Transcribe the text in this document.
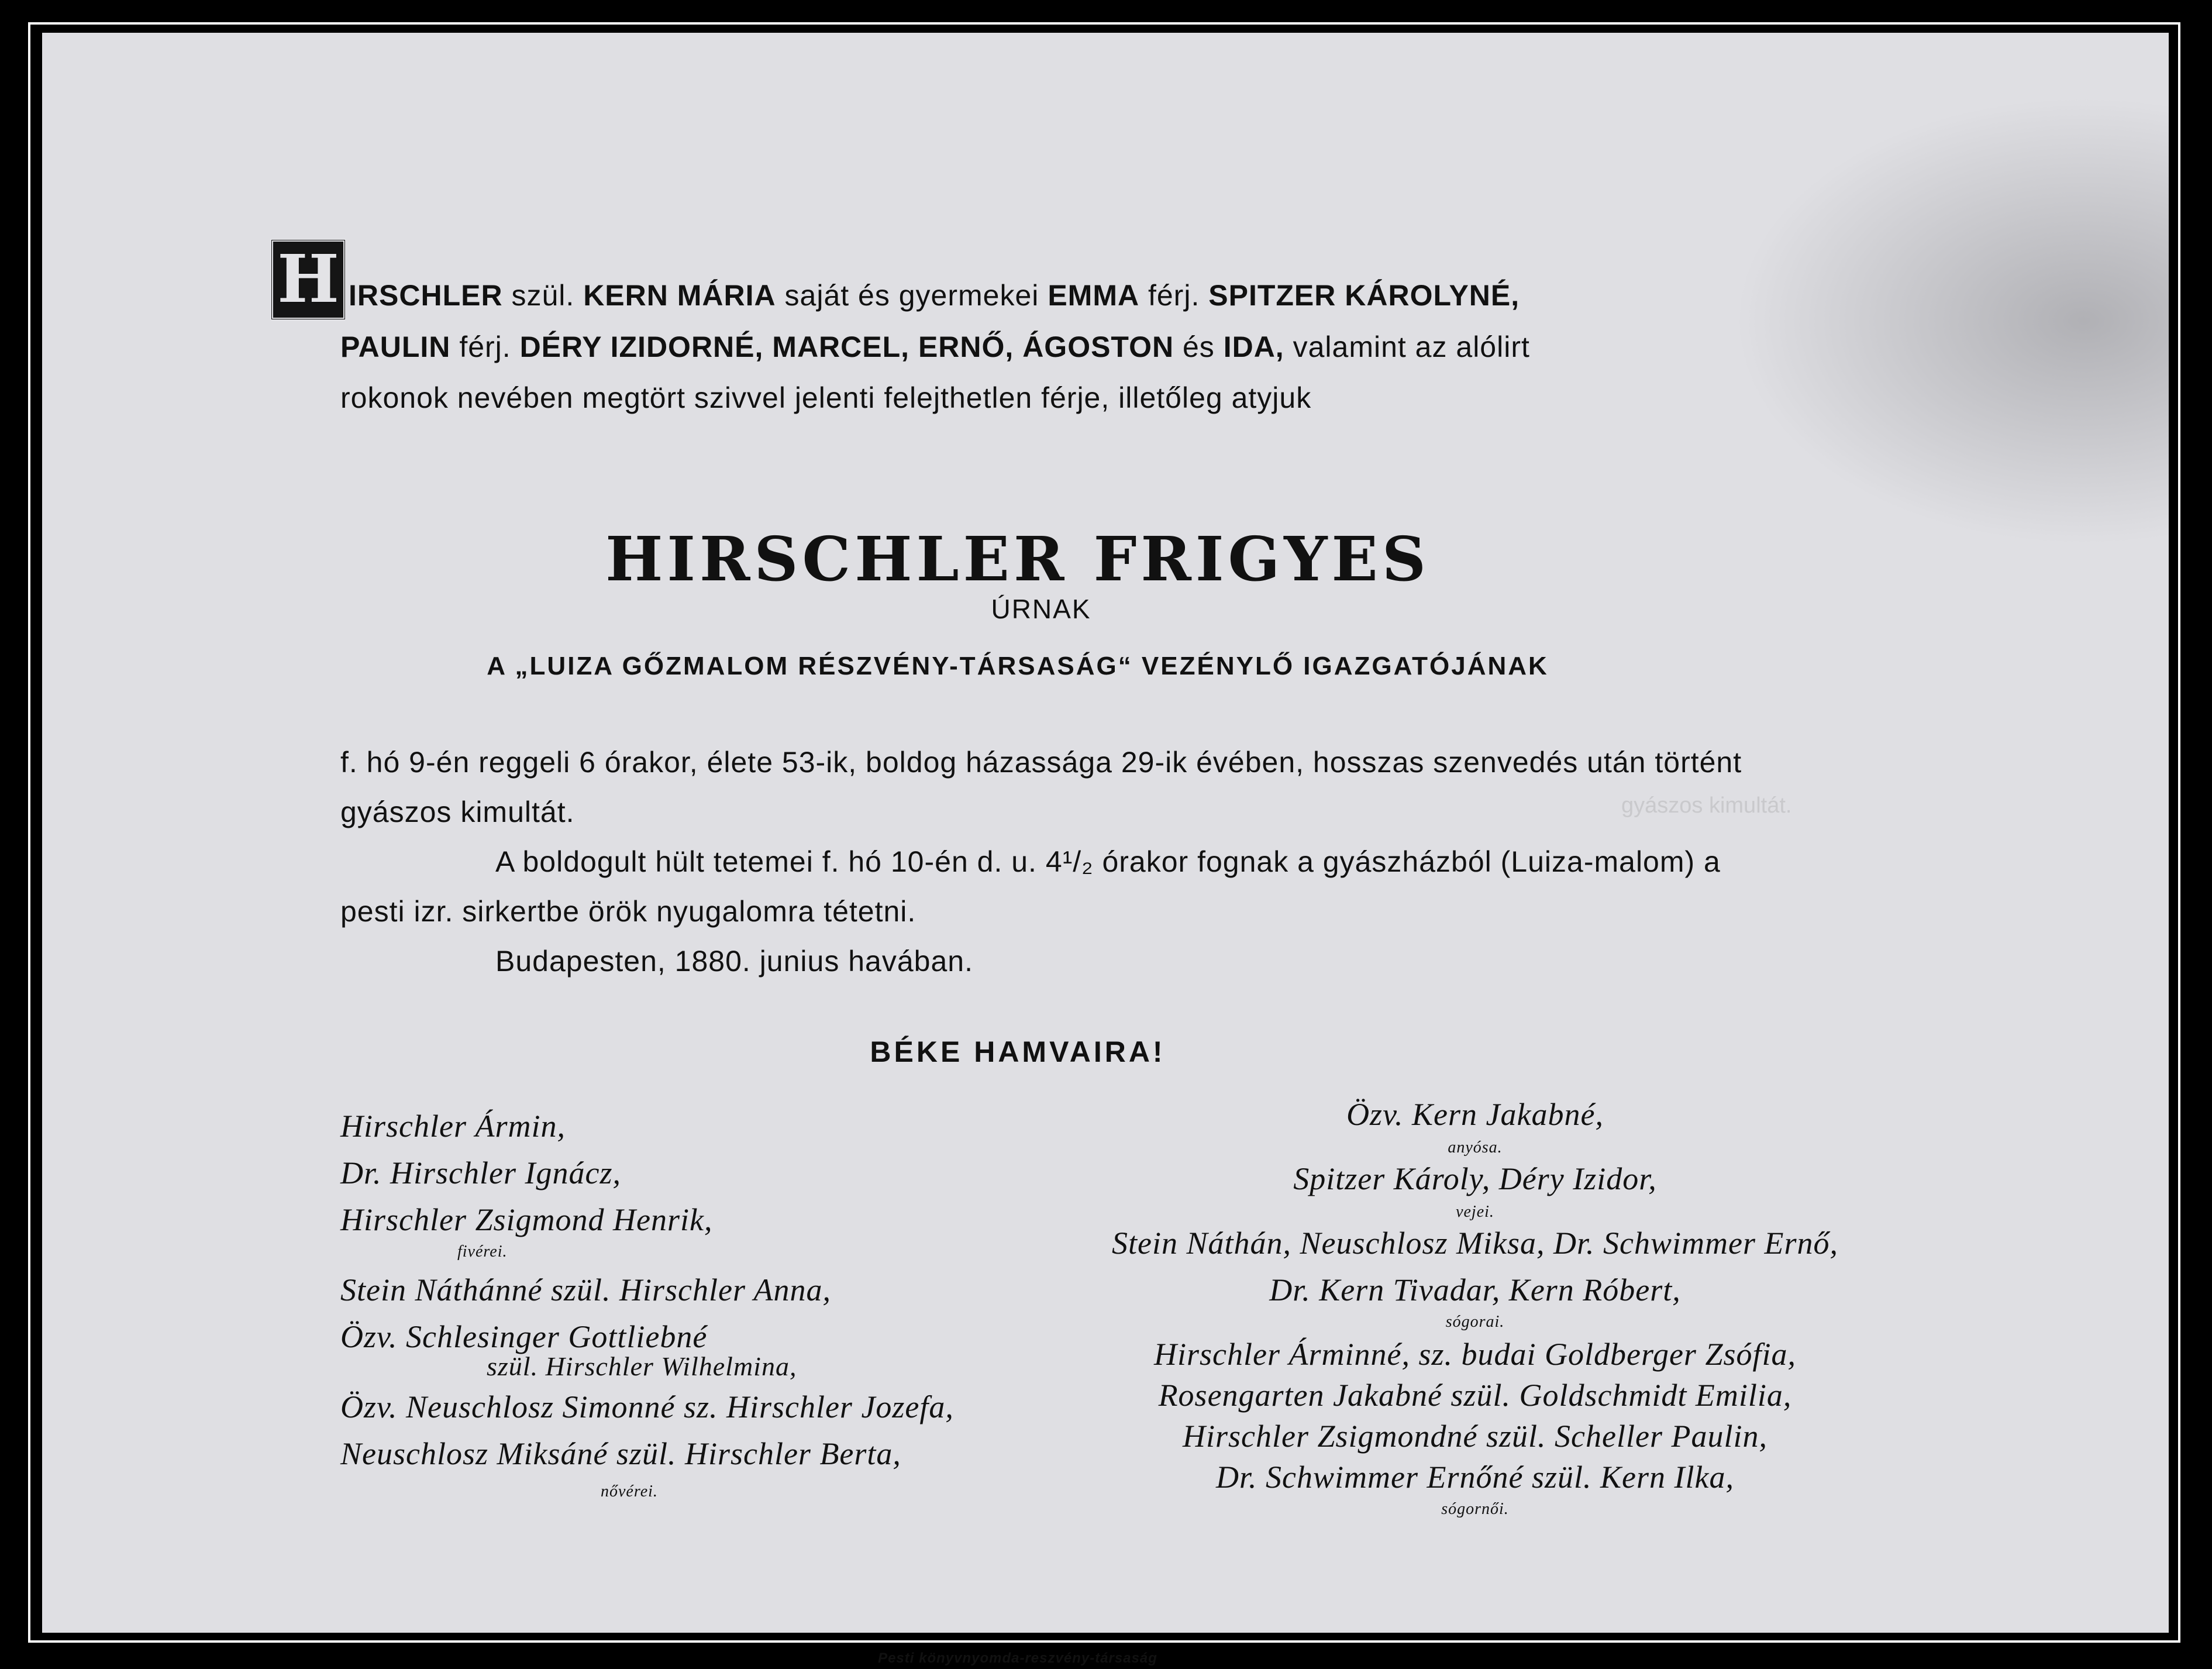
H IRSCHLER szül. KERN MÁRIA saját és gyermekei EMMA férj. SPITZER KÁROLYNÉ,
PAULIN férj. DÉRY IZIDORNÉ, MARCEL, ERNŐ, ÁGOSTON és IDA, valamint az alólirt
rokonok nevében megtört szivvel jelenti felejthetlen férje, illetőleg atyjuk
HIRSCHLER FRIGYES
ÚRNAK
A „LUIZA GŐZMALOM RÉSZVÉNY-TÁRSASÁG“ VEZÉNYLŐ IGAZGATÓJÁNAK
f. hó 9-én reggeli 6 órakor, élete 53-ik, boldog házassága 29-ik évében, hosszas szenvedés után történt
gyászos kimultát.	gyászos kimultát.
A boldogult hült tetemei f. hó 10-én d. u. 4¹/₂ órakor fognak a gyászházból (Luiza-malom) a
pesti izr. sirkertbe örök nyugalomra tétetni.
Budapesten, 1880. junius havában.
BÉKE HAMVAIRA!
Hirschler Ármin,
Dr. Hirschler Ignácz,
Hirschler Zsigmond Henrik,
fivérei.
Stein Náthánné szül. Hirschler Anna,
Özv. Schlesinger Gottliebné
szül. Hirschler Wilhelmina,
Özv. Neuschlosz Simonné sz. Hirschler Jozefa,
Neuschlosz Miksáné szül. Hirschler Berta,
nővérei.
Özv. Kern Jakabné,
anyósa.
Spitzer Károly, Déry Izidor,
vejei.
Stein Náthán, Neuschlosz Miksa, Dr. Schwimmer Ernő,
Dr. Kern Tivadar, Kern Róbert,
sógorai.
Hirschler Árminné, sz. budai Goldberger Zsófia,
Rosengarten Jakabné szül. Goldschmidt Emilia,
Hirschler Zsigmondné szül. Scheller Paulin,
Dr. Schwimmer Ernőné szül. Kern Ilka,
sógornői.
Pesti könyvnyomda-reszvény-társaság
